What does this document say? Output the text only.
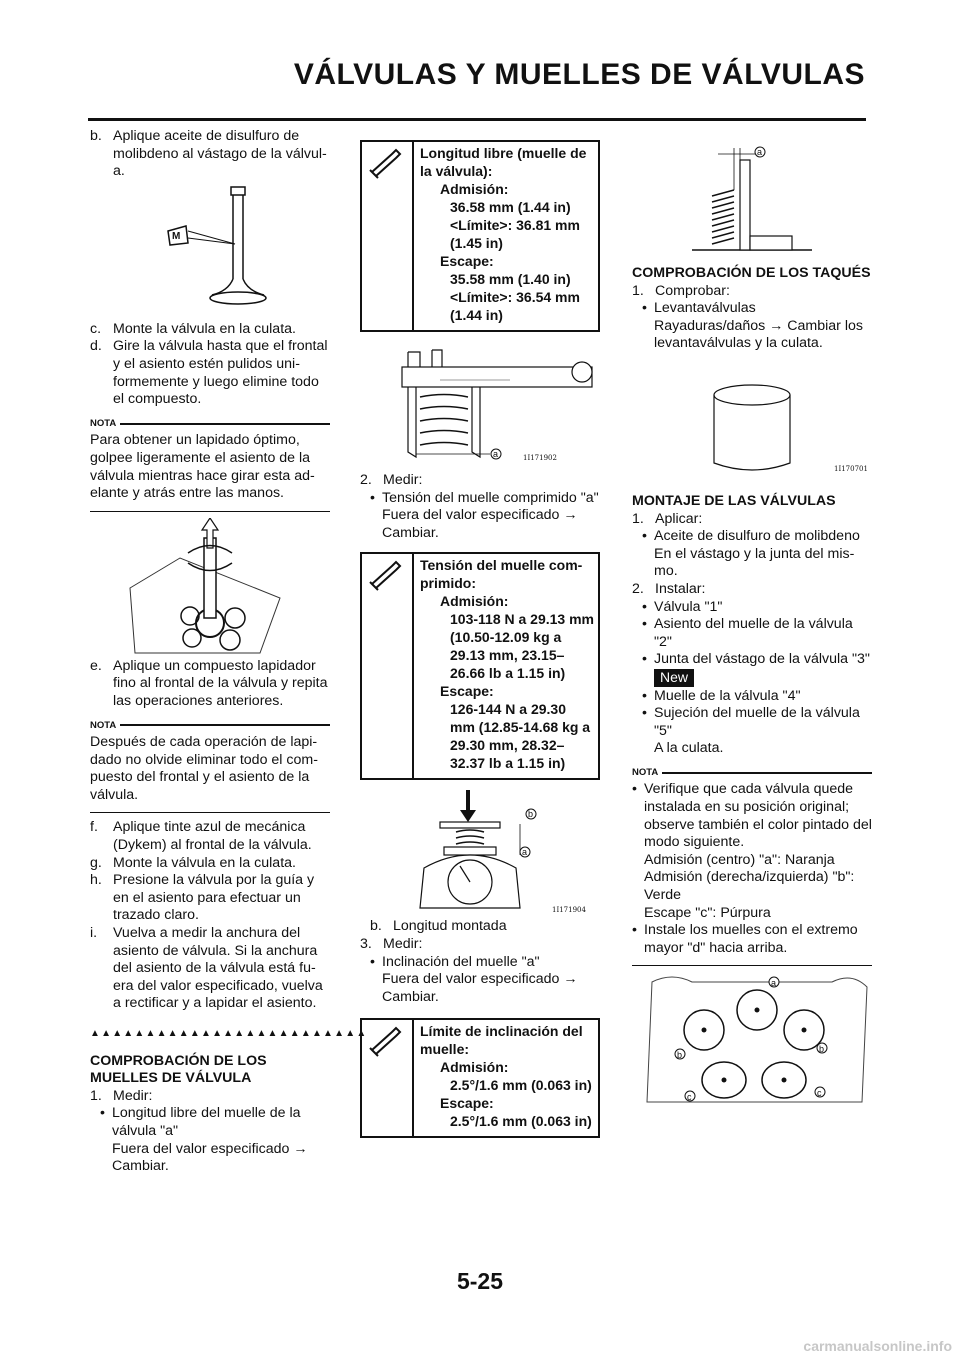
VÁLVULAS Y MUELLES DE VÁLVULAS
b. Aplique aceite de disulfuro de molibdeno al vástago de la válvul-a.
M
c. Monte la válvula en la culata.
d. Gire la válvula hasta que el frontal y el asiento estén pulidos uni-formemente y luego elimine todo el compuesto.
NOTA
Para obtener un lapidado óptimo, golpee ligeramente el asiento de la válvula mientras hace girar esta ad-elante y atrás entre las manos.
e. Aplique un compuesto lapidador fino al frontal de la válvula y repita las operaciones anteriores.
NOTA
Después de cada operación de lapi-dado no olvide eliminar todo el com-puesto del frontal y el asiento de la válvula.
f.	Aplique tinte azul de mecánica (Dykem) al frontal de la válvula.
g. Monte la válvula en la culata.
h. Presione la válvula por la guía y en el asiento para efectuar un trazado claro.
i.	Vuelva a medir la anchura del asiento de válvula. Si la anchura del asiento de la válvula está fu-era del valor especificado, vuelva a rectificar y a lapidar el asiento.
▲▲▲▲▲▲▲▲▲▲▲▲▲▲▲▲▲▲▲▲▲▲▲▲▲
COMPROBACIÓN DE LOS MUELLES DE VÁLVULA
1. Medir:
• Longitud libre del muelle de la válvula "a"
Fuera del valor especificado → Cambiar.
Longitud libre (muelle de la válvula):
Admisión:
36.58 mm (1.44 in)
<Límite>: 36.81 mm (1.45 in)
Escape:
35.58 mm (1.40 in)
<Límite>: 36.54 mm (1.44 in)
a	1I171902
2. Medir:
• Tensión del muelle comprimido "a"
Fuera del valor especificado → Cambiar.
Tensión del muelle com-primido:
Admisión:
103-118 N a 29.13 mm (10.50-12.09 kg a 29.13 mm, 23.15–26.66 lb a 1.15 in)
Escape:
126-144 N a 29.30 mm (12.85-14.68 kg a 29.30 mm, 28.32–32.37 lb a 1.15 in)
b
a
1I171904
b. Longitud montada
3. Medir:
• Inclinación del muelle "a"
Fuera del valor especificado → Cambiar.
Límite de inclinación del muelle:
Admisión:
2.5°/1.6 mm (0.063 in)
Escape:
2.5°/1.6 mm (0.063 in)
a
COMPROBACIÓN DE LOS TAQUÉS
1. Comprobar:
• Levantaválvulas
Rayaduras/daños → Cambiar los levantaválvulas y la culata.
1I170701
MONTAJE DE LAS VÁLVULAS
1. Aplicar:
• Aceite de disulfuro de molibdeno
En el vástago y la junta del mis-mo.
2. Instalar:
• Válvula "1"
• Asiento del muelle de la válvula "2"
• Junta del vástago de la válvula "3"
New
• Muelle de la válvula "4"
• Sujeción del muelle de la válvula "5"
A la culata.
NOTA
• Verifique que cada válvula quede instalada en su posición original; observe también el color pintado del modo siguiente.
Admisión (centro) "a": Naranja
Admisión (derecha/izquierda) "b": Verde
Escape "c": Púrpura
• Instale los muelles con el extremo mayor "d" hacia arriba.
a
b
b
c	c
5-25
carmanualsonline.info
